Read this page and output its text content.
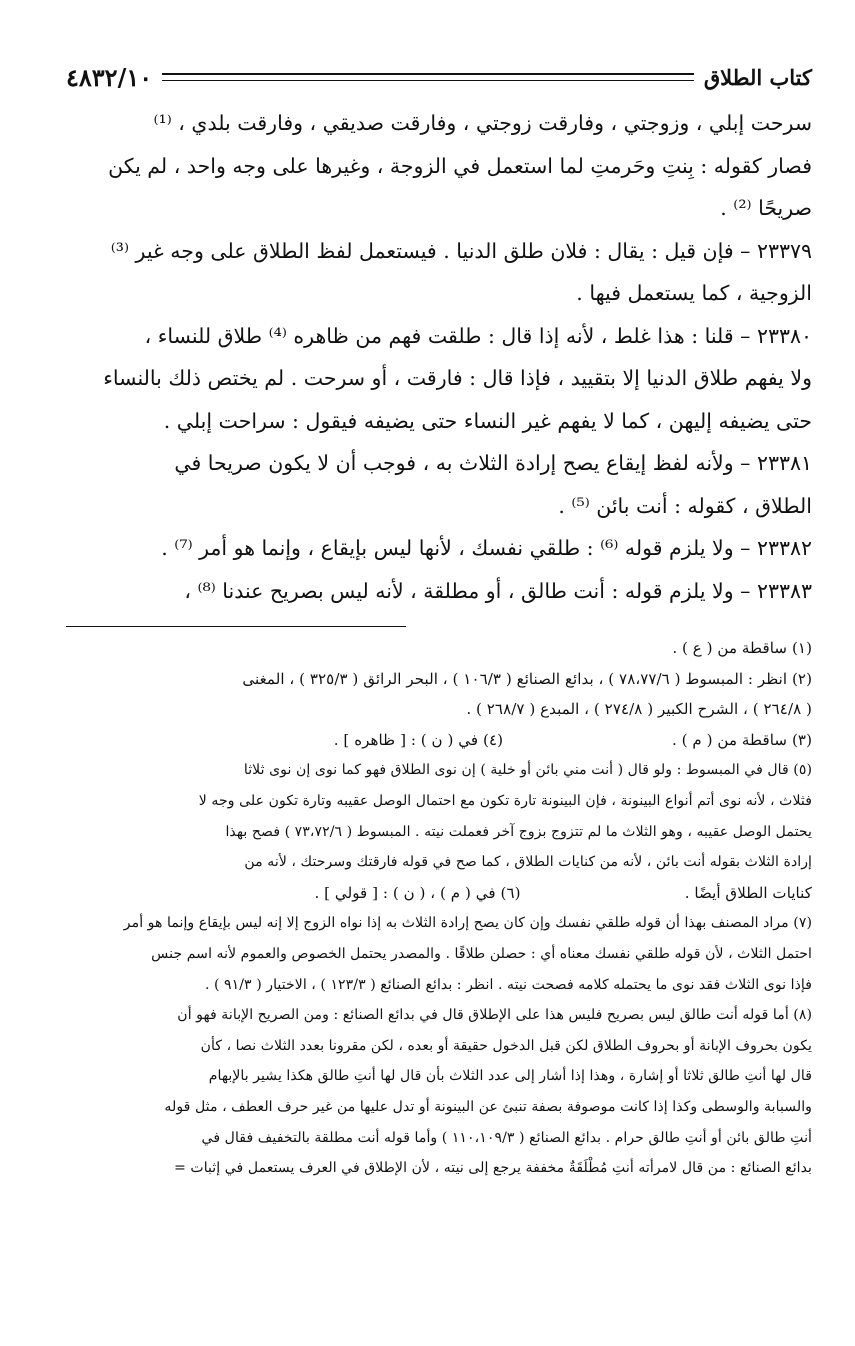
كتاب الطلاق
٤٨٣٢/١٠

سرحت إبلي ، وزوجتي ، وفارقت زوجتي ، وفارقت صديقي ، وفارقت بلدي ، ⁽¹⁾

فصار كقوله : بِنتِ وحَرمتِ لما استعمل في الزوجة ، وغيرها على وجه واحد ، لم يكن

صريحًا ⁽²⁾ .

٢٣٣٧٩ – فإن قيل : يقال : فلان طلق الدنيا . فيستعمل لفظ الطلاق على وجه غير ⁽³⁾

الزوجية ، كما يستعمل فيها .

٢٣٣٨٠ – قلنا : هذا غلط ، لأنه إذا قال : طلقت فهم من ظاهره ⁽⁴⁾ طلاق للنساء ،

ولا يفهم طلاق الدنيا إلا بتقييد ، فإذا قال : فارقت ، أو سرحت . لم يختص ذلك بالنساء

حتى يضيفه إليهن ، كما لا يفهم غير النساء حتى يضيفه فيقول : سراحت إبلي .

٢٣٣٨١ – ولأنه لفظ إيقاع يصح إرادة الثلاث به ، فوجب أن لا يكون صريحا في

الطلاق ، كقوله : أنت بائن ⁽⁵⁾ .

٢٣٣٨٢ – ولا يلزم قوله ⁽⁶⁾ : طلقي نفسك ، لأنها ليس بإيقاع ، وإنما هو أمر ⁽⁷⁾ .

٢٣٣٨٣ – ولا يلزم قوله : أنت طالق ، أو مطلقة ، لأنه ليس بصريح عندنا ⁽⁸⁾ ،

(١) ساقطة من ( ع ) .

(٢) انظر : المبسوط ( ٧٨،٧٧/٦ ) ، بدائع الصنائع ( ١٠٦/٣ ) ، البحر الرائق ( ٣٢٥/٣ ) ، المغنى

( ٢٦٤/٨ ) ، الشرح الكبير ( ٢٧٤/٨ ) ، المبدع ( ٢٦٨/٧ ) .

(٣) ساقطة من ( م ) .                                   (٤) في ( ن ) : [ ظاهره ] .

(٥) قال في المبسوط : ولو قال ( أنت مني بائن أو خلية ) إن نوى الطلاق فهو كما نوى إن نوى ثلاثا

فثلاث ، لأنه نوى أتم أنواع البينونة ، فإن البينونة تارة تكون مع احتمال الوصل عقيبه وتارة تكون على وجه لا

يحتمل الوصل عقيبه ، وهو الثلاث ما لم تتزوج بزوج آخر فعملت نيته . المبسوط ( ٧٣،٧٢/٦ ) فصح بهذا

إرادة الثلاث بقوله أنت بائن ، لأنه من كنايات الطلاق ، كما صح في قوله فارقتك وسرحتك ، لأنه من

كنايات الطلاق أيضًا .                                  (٦) في ( م ) ، ( ن ) : [ قولي ] .

(٧) مراد المصنف بهذا أن قوله طلقي نفسك وإن كان يصح إرادة الثلاث به إذا نواه الزوج إلا إنه ليس بإيقاع وإنما هو أمر

احتمل الثلاث ، لأن قوله طلقي نفسك معناه أي : حصلن طلاقًا . والمصدر يحتمل الخصوص والعموم لأنه اسم جنس

فإذا نوى الثلاث فقد نوى ما يحتمله كلامه فصحت نيته . انظر : بدائع الصنائع ( ١٢٣/٣ ) ، الاختيار ( ٩١/٣ ) .

(٨) أما قوله أنت طالق ليس بصريح فليس هذا على الإطلاق قال في بدائع الصنائع : ومن الصريح الإبانة فهو أن

يكون بحروف الإبانة أو بحروف الطلاق لكن قبل الدخول حقيقة أو بعده ، لكن مقرونا بعدد الثلاث نصا ، كأن

قال لها أنتِ طالق ثلاثا أو إشارة ، وهذا إذا أشار إلى عدد الثلاث بأن قال لها أنتِ طالق هكذا يشير بالإبهام

والسبابة والوسطى وكذا إذا كانت موصوفة بصفة تنبئ عن البينونة أو تدل عليها من غير حرف العطف ، مثل قوله

أنتِ طالق بائن أو أنتِ طالق حرام . بدائع الصنائع ( ١١٠،١٠٩/٣ ) وأما قوله أنت مطلقة بالتخفيف فقال في

بدائع الصنائع : من قال لامرأته أنتِ مُطْلَقَةٌ مخففة يرجع إلى نيته ، لأن الإطلاق في العرف يستعمل في إثبات =
